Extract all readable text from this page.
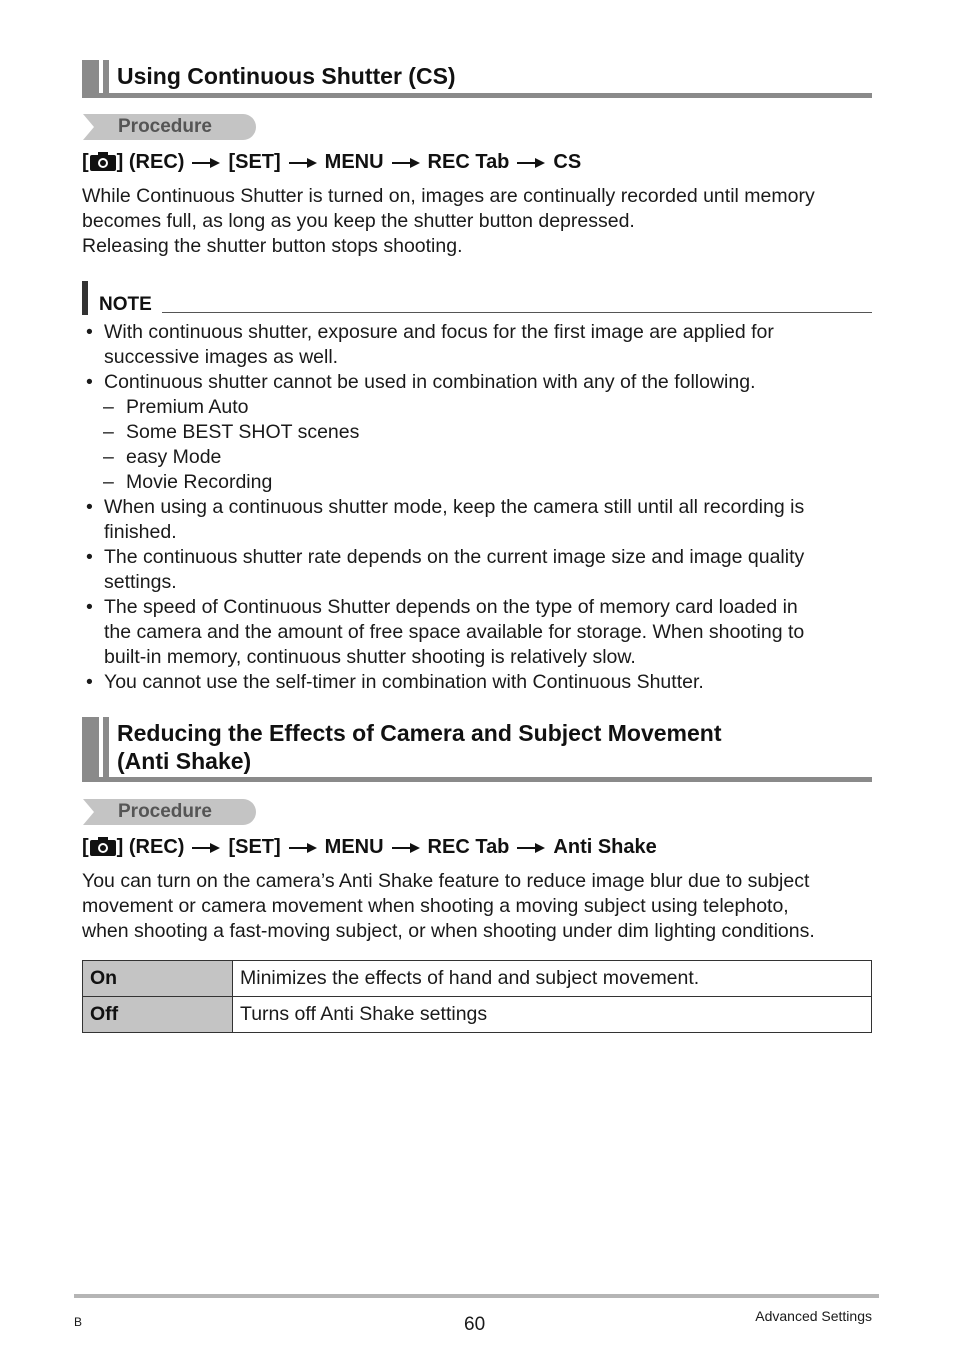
Using Continuous Shutter (CS)
Procedure
[ ] (REC) [SET] MENU REC Tab CS
While Continuous Shutter is turned on, images are continually recorded until memory
becomes full, as long as you keep the shutter button depressed.
Releasing the shutter button stops shooting.
NOTE
• With continuous shutter, exposure and focus for the first image are applied for
successive images as well.
• Continuous shutter cannot be used in combination with any of the following.
– Premium Auto
– Some BEST SHOT scenes
– easy Mode
– Movie Recording
• When using a continuous shutter mode, keep the camera still until all recording is
finished.
• The continuous shutter rate depends on the current image size and image quality
settings.
• The speed of Continuous Shutter depends on the type of memory card loaded in
the camera and the amount of free space available for storage. When shooting to
built-in memory, continuous shutter shooting is relatively slow.
• You cannot use the self-timer in combination with Continuous Shutter.
Reducing the Effects of Camera and Subject Movement
(Anti Shake)
Procedure
[ ] (REC) [SET] MENU REC Tab Anti Shake
You can turn on the camera’s Anti Shake feature to reduce image blur due to subject
movement or camera movement when shooting a moving subject using telephoto,
when shooting a fast-moving subject, or when shooting under dim lighting conditions.
On	Minimizes the effects of hand and subject movement.
Off	Turns off Anti Shake settings
B	60	Advanced Settings
